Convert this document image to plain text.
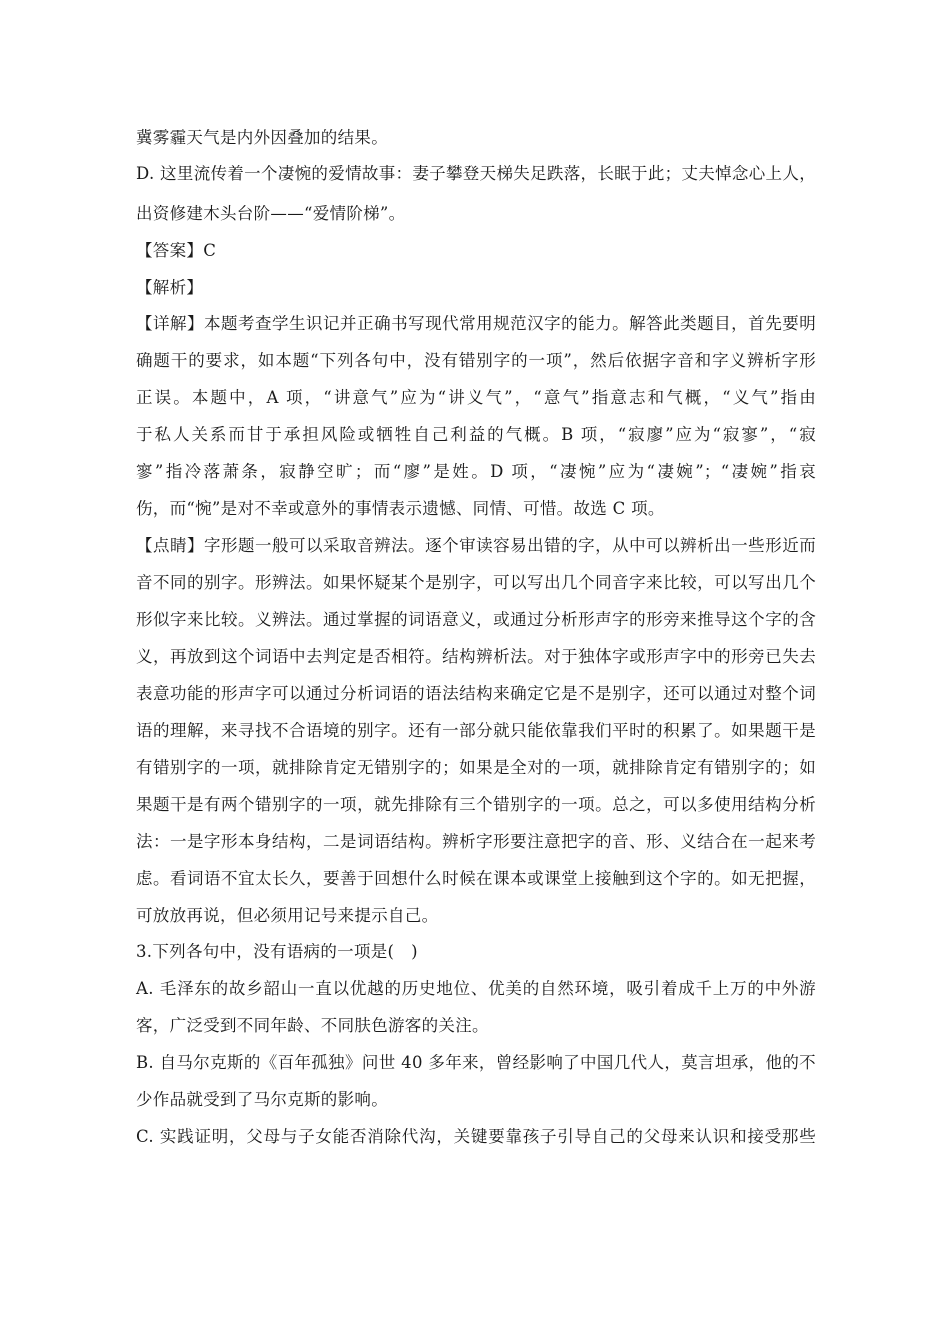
冀雾霾天气是内外因叠加的结果。
D. 这里流传着一个凄惋的爱情故事：妻子攀登天梯失足跌落，长眠于此；丈夫悼念心上人，
出资修建木头台阶——“爱情阶梯”。
【答案】C
【解析】
【详解】本题考查学生识记并正确书写现代常用规范汉字的能力。解答此类题目，首先要明
确题干的要求，如本题“下列各句中，没有错别字的一项”，然后依据字音和字义辨析字形
正误。本题中，A 项，“讲意气”应为“讲义气”，“意气”指意志和气概，“义气”指由
于私人关系而甘于承担风险或牺牲自己利益的气概。B 项，“寂廖”应为“寂寥”，“寂
寥”指冷落萧条，寂静空旷；而“廖”是姓。D 项，“凄惋”应为“凄婉”；“凄婉”指哀
伤，而“惋”是对不幸或意外的事情表示遗憾、同情、可惜。故选 C 项。
【点睛】字形题一般可以采取音辨法。逐个审读容易出错的字，从中可以辨析出一些形近而
音不同的别字。形辨法。如果怀疑某个是别字，可以写出几个同音字来比较，可以写出几个
形似字来比较。义辨法。通过掌握的词语意义，或通过分析形声字的形旁来推导这个字的含
义，再放到这个词语中去判定是否相符。结构辨析法。对于独体字或形声字中的形旁已失去
表意功能的形声字可以通过分析词语的语法结构来确定它是不是别字，还可以通过对整个词
语的理解，来寻找不合语境的别字。还有一部分就只能依靠我们平时的积累了。如果题干是
有错别字的一项，就排除肯定无错别字的；如果是全对的一项，就排除肯定有错别字的；如
果题干是有两个错别字的一项，就先排除有三个错别字的一项。总之，可以多使用结构分析
法：一是字形本身结构，二是词语结构。辨析字形要注意把字的音、形、义结合在一起来考
虑。看词语不宜太长久，要善于回想什么时候在课本或课堂上接触到这个字的。如无把握，
可放放再说，但必须用记号来提示自己。
3.下列各句中，没有语病的一项是(　)
A. 毛泽东的故乡韶山一直以优越的历史地位、优美的自然环境，吸引着成千上万的中外游
客，广泛受到不同年龄、不同肤色游客的关注。
B. 自马尔克斯的《百年孤独》问世 40 多年来，曾经影响了中国几代人，莫言坦承，他的不
少作品就受到了马尔克斯的影响。
C. 实践证明，父母与子女能否消除代沟，关键要靠孩子引导自己的父母来认识和接受那些
